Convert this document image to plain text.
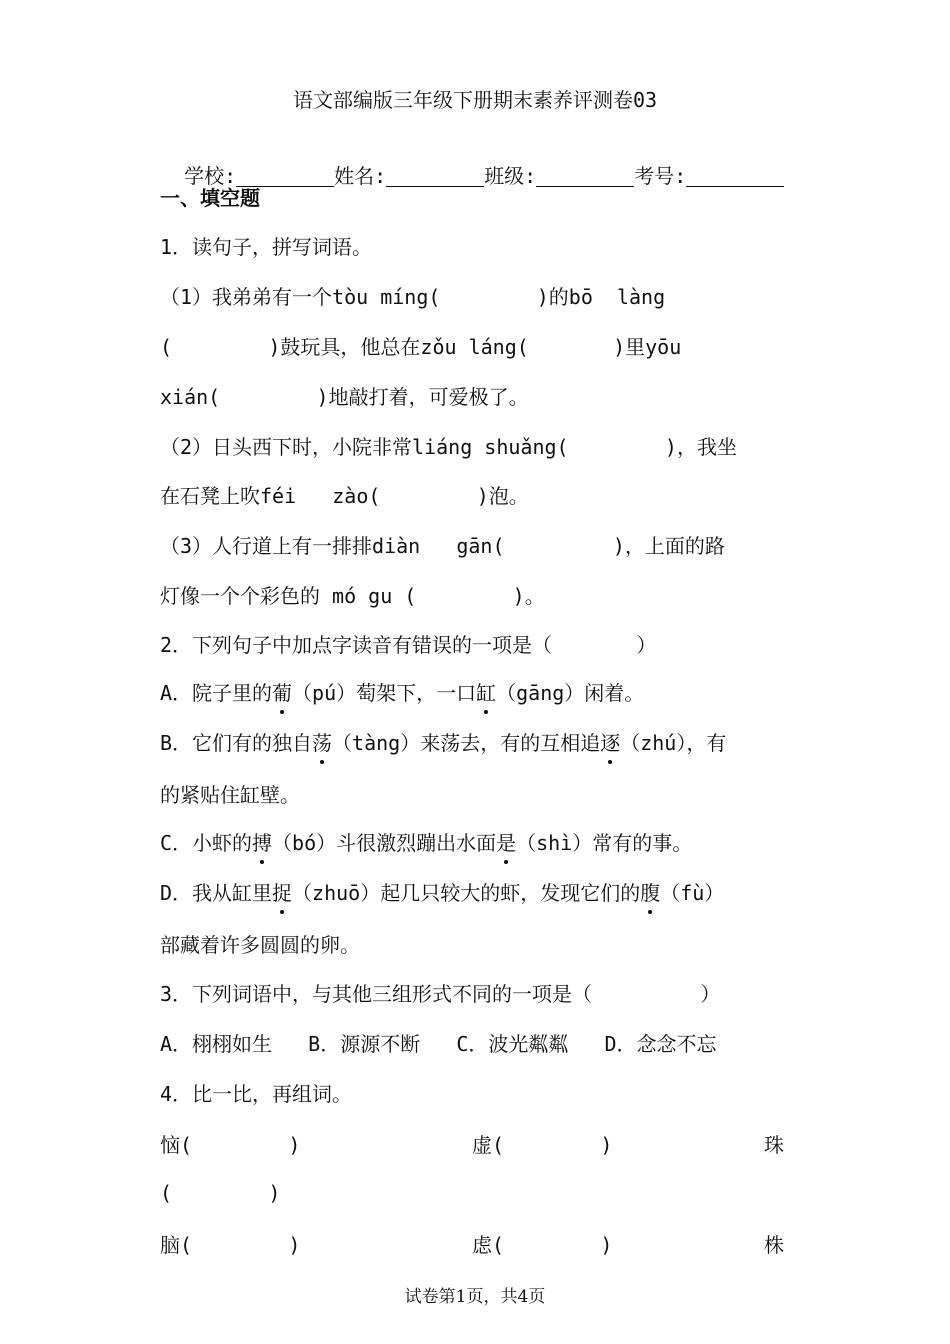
语文部编版三年级下册期末素养评测卷03

学校:	姓名:	班级:	考号:

一、填空题
1．读句子，拼写词语。
（1）我弟弟有一个tòu míng(        )的bō  làng
(        )鼓玩具，他总在zǒu láng(       )里yōu
xián(        )地敲打着，可爱极了。
（2）日头西下时，小院非常liáng shuǎng(        )，我坐
在石凳上吹féi   zào(        )泡。
（3）人行道上有一排排diàn   gān(         )，上面的路
灯像一个个彩色的 mó gu (        )。
2．下列句子中加点字读音有错误的一项是（       ）
A．院子里的葡（pú）萄架下，一口缸（gāng）闲着。
B．它们有的独自荡（tàng）来荡去，有的互相追逐（zhú），有
的紧贴住缸壁。
C．小虾的搏（bó）斗很激烈蹦出水面是（shì）常有的事。
D．我从缸里捉（zhuō）起几只较大的虾，发现它们的腹（fù）
部藏着许多圆圆的卵。
3．下列词语中，与其他三组形式不同的一项是（         ）
A．栩栩如生   B．源源不断   C．波光粼粼   D．念念不忘
4．比一比，再组词。
恼(        )	虚(        )	珠
(        )
脑(        )	虑(        )	株
试卷第1页，共4页
